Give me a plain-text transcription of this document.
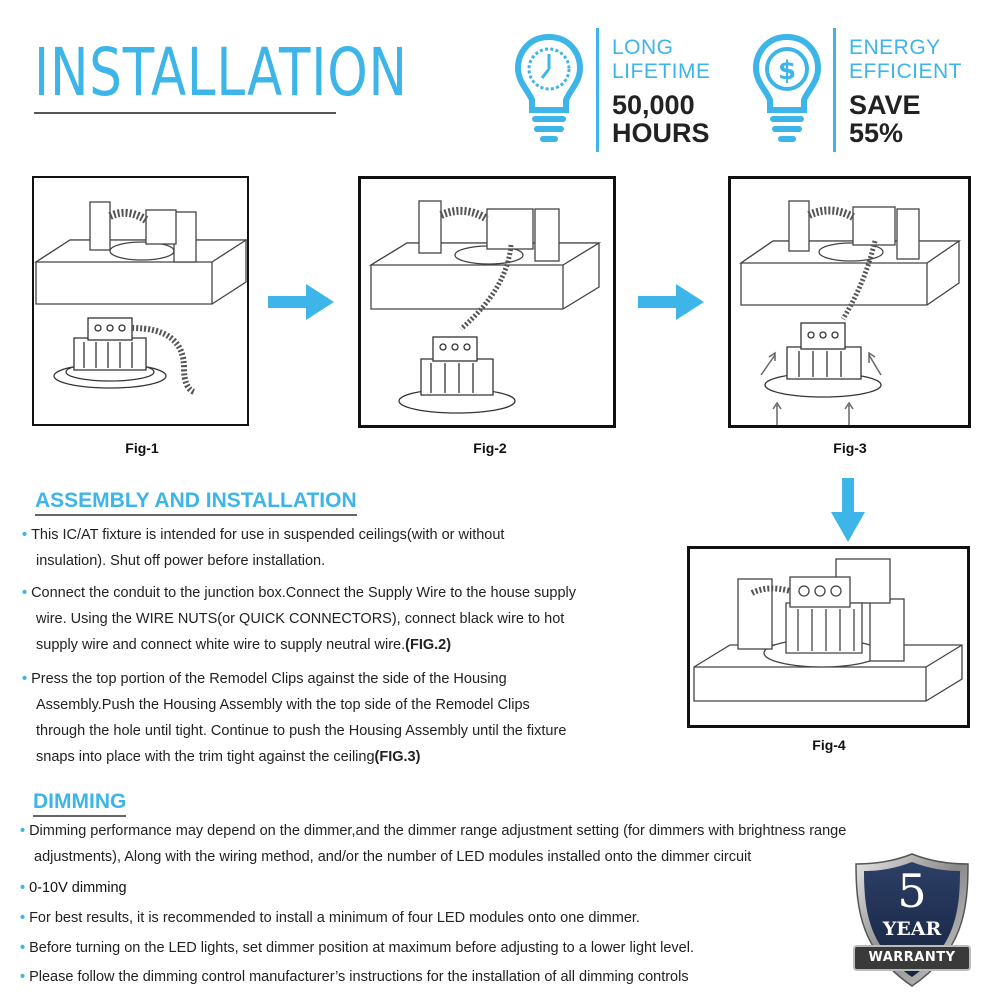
INSTALLATION	LONG
LIFETIME
50,000
HOURS
$
ENERGY
EFFICIENT
SAVE
55%
Fig-1	Fig-2	Fig-3
Fig-4
ASSEMBLY AND INSTALLATION
• This IC/AT fixture is intended for use in suspended ceilings(with or without
insulation). Shut off power before installation.
• Connect the conduit to the junction box.Connect the Supply Wire to the house supply
wire. Using the WIRE NUTS(or QUICK CONNECTORS), connect black wire to hot
supply wire and connect white wire to supply neutral wire.(FIG.2)
• Press the top portion of the Remodel Clips against the side of the Housing
Assembly.Push the Housing Assembly with the top side of the Remodel Clips
through the hole until tight. Continue to push the Housing Assembly until the fixture
snaps into place with the trim tight against the ceiling(FIG.3)
DIMMING
• Dimming performance may depend on the dimmer,and the dimmer range adjustment setting (for dimmers with brightness range
adjustments), Along with the wiring method, and/or the number of LED modules installed onto the dimmer circuit
• 0-10V dimming
• For best results, it is recommended to install a minimum of four LED modules onto one dimmer.
• Before turning on the LED lights, set dimmer position at maximum before adjusting to a lower light level.
• Please follow the dimming control manufacturer’s instructions for the installation of all dimming controls
5
YEAR
WARRANTY
